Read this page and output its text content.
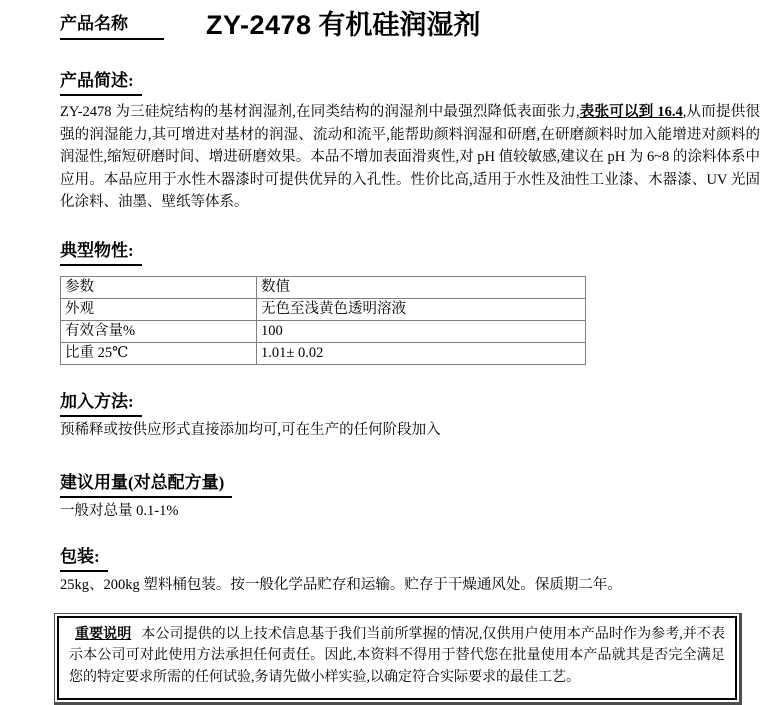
产品名称	ZY-2478 有机硅润湿剂
产品简述:

ZY-2478 为三硅烷结构的基材润湿剂,在同类结构的润湿剂中最强烈降低表面张力,表张可以到 16.4,从而提供很强的润湿能力,其可增进对基材的润湿、流动和流平,能帮助颜料润湿和研磨,在研磨颜料时加入能增进对颜料的润湿性,缩短研磨时间、增进研磨效果。本品不增加表面滑爽性,对 pH 值较敏感,建议在 pH 为 6~8 的涂料体系中应用。本品应用于水性木器漆时可提供优异的入孔性。性价比高,适用于水性及油性工业漆、木器漆、UV 光固化涂料、油墨、壁纸等体系。

典型物性:
参数	数值
外观	无色至浅黄色透明溶液
有效含量%	100
比重 25℃	1.01± 0.02
加入方法:

预稀释或按供应形式直接添加均可,可在生产的任何阶段加入

建议用量(对总配方量)

一般对总量 0.1-1%

包装:

25kg、200kg 塑料桶包装。按一般化学品贮存和运输。贮存于干燥通风处。保质期二年。

重要说明 本公司提供的以上技术信息基于我们当前所掌握的情况,仅供用户使用本产品时作为参考,并不表示本公司可对此使用方法承担任何责任。因此,本资料不得用于替代您在批量使用本产品就其是否完全满足您的特定要求所需的任何试验,务请先做小样实验,以确定符合实际要求的最佳工艺。
